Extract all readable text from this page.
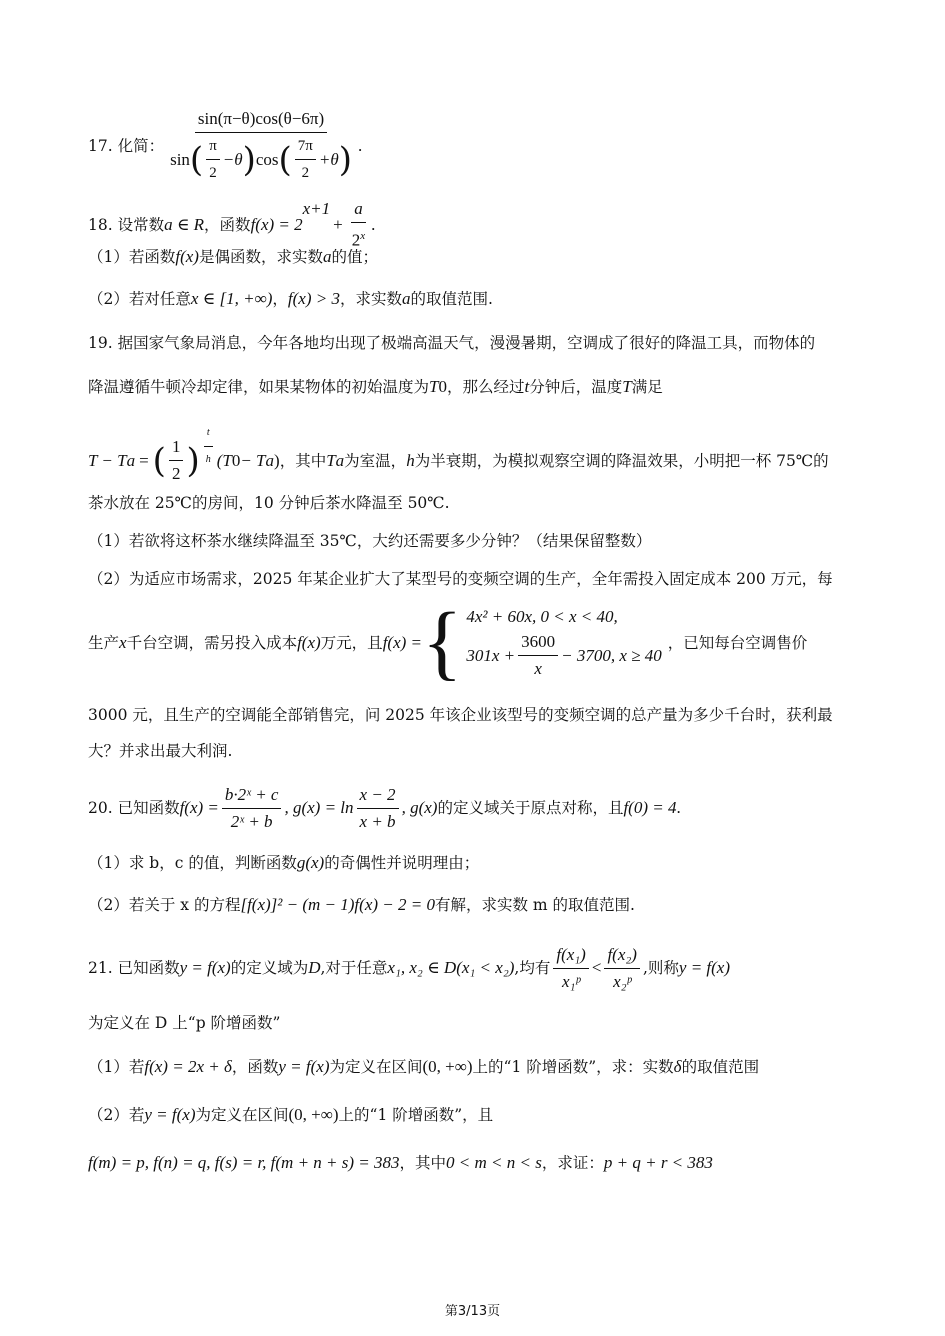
17. 化简：
sin(π−θ)cos(θ−6π)
sin ( $\frac{\pi}{2} -\theta$ ) cos ( $\frac{7\pi}{2} +\theta$ ) .
18. 设常数 a ∈ R ，函数 f(x) = 2
x+1
+ $\frac{a}{2^x}$ .
（1）若函数 f(x) 是偶函数，求实数 a 的值；
（2）若对任意 x ∈ [1, +∞) ， f(x) > 3 ，求实数 a 的取值范围.
19. 据国家气象局消息，今年各地均出现了极端高温天气，漫漫暑期，空调成了很好的降温工具，而物体的
降温遵循牛顿冷却定律，如果某物体的初始温度为 T 0 ，那么经过 t 分钟后，温度 T 满足
T − T a = ( $\frac{1}{2}$ ) $\frac{t}{h} (T$ 0 − T a ) ，其中 T a 为室温， h 为半衰期，为模拟观察空调的降温效果，小明把一杯 75℃的
茶水放在 25℃的房间，10 分钟后茶水降温至 50℃.
（1）若欲将这杯茶水继续降温至 35℃，大约还需要多少分钟？（结果保留整数）
（2）为适应市场需求，2025 年某企业扩大了某型号的变频空调的生产，全年需投入固定成本 200 万元，每
生产 x 千台空调，需另投入成本 f(x) 万元，且 f(x) = { 4x² + 60x, 0 < x < 40,
$301x + \frac{3600}{x} - 3700$, x ≥ 40
，已知每台空调售价
3000 元，且生产的空调能全部销售完，问 2025 年该企业该型号的变频空调的总产量为多少千台时，获利最
大？并求出最大利润.
20. 已知函数 $f(x) = \frac{\text{b·2ˣ + c}}{\text{2ˣ + b}}$ , $g(x) = \ln \frac{x - 2}{x + b}$ , g(x) 的定义域关于原点对称，且 f(0) = 4 .
（1）求 b，c 的值，判断函数 g(x) 的奇偶性并说明理由；
（2）若关于 x 的方程 [f(x)]² − (m − 1)f(x) − 2 = 0 有解，求实数 m 的取值范围.
21. 已知函数 y = f(x) 的定义域为 D ,对于任意 x₁, x₂ ∈ D(x₁ < x₂) ,均有 $\frac{\text{f(x₁)}}{\text{x₁ᵖ}} < \frac{\text{f(x₂)}}{\text{x₂ᵖ}}$ ,则称 y = f(x)
为定义在 D 上“p 阶增函数”
（1）若 f(x) = 2x + δ ，函数 y = f(x) 为定义在区间 (0, +∞) 上的“1 阶增函数”，求：实数 δ 的取值范围
（2）若 y = f(x) 为定义在区间 (0, +∞) 上的“1 阶增函数”，且
f(m) = p, f(n) = q, f(s) = r, f(m + n + s) = 383 ，其中 0 < m < n < s ，求证： p + q + r < 383
第3/13页
